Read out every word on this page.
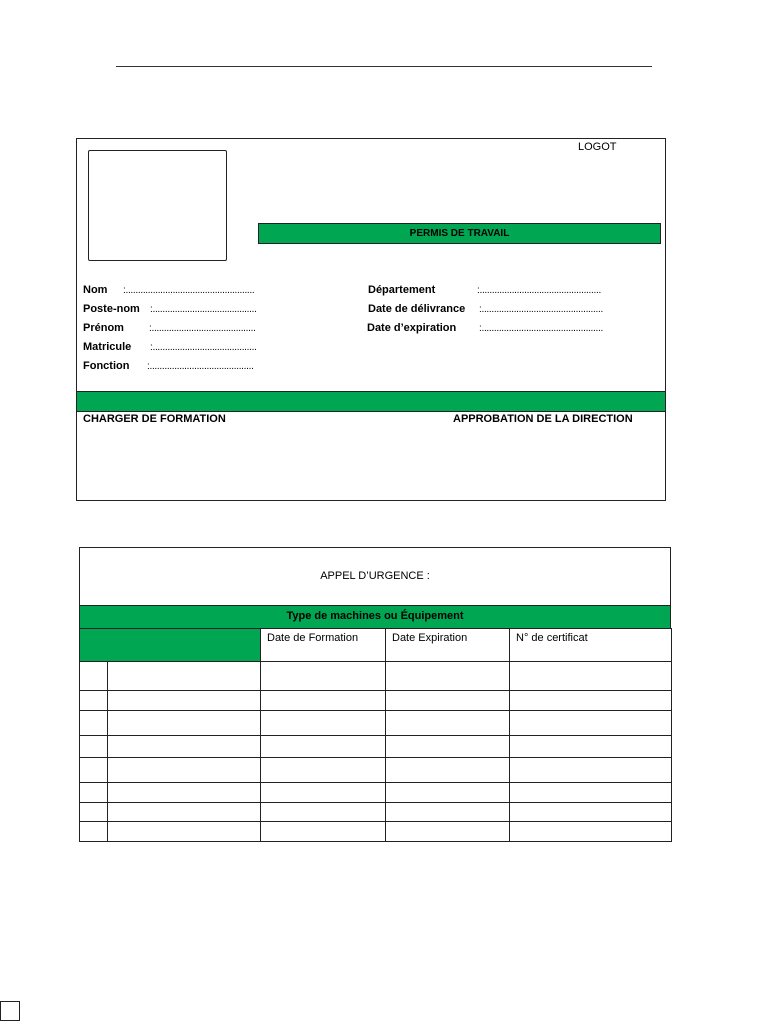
LOGOT
PERMIS DE TRAVAIL
Nom :....................................................
Poste-nom :..........................................
Prénom	:..........................................
Matricule :..........................................
Fonction :..........................................
Département	:.................................................
Date de délivrance :.................................................
Date d’expiration :.................................................
CHARGER DE FORMATION	APPROBATION DE LA DIRECTION
APPEL D’URGENCE :
Type de machines ou Équipement
		Date de Formation	Date Expiration	N° de certificat
